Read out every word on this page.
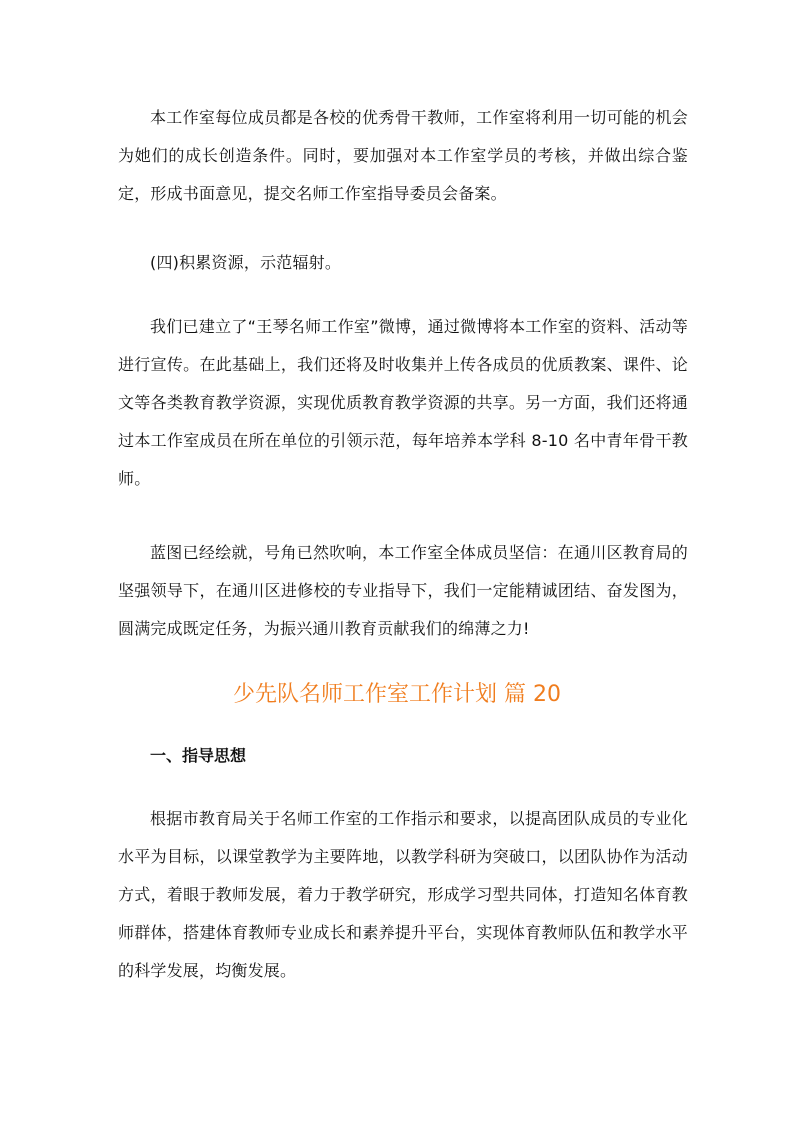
本工作室每位成员都是各校的优秀骨干教师，工作室将利用一切可能的机会为她们的成长创造条件。同时，要加强对本工作室学员的考核，并做出综合鉴定，形成书面意见，提交名师工作室指导委员会备案。

(四)积累资源，示范辐射。

我们已建立了“王琴名师工作室”微博，通过微博将本工作室的资料、活动等进行宣传。在此基础上，我们还将及时收集并上传各成员的优质教案、课件、论文等各类教育教学资源，实现优质教育教学资源的共享。另一方面，我们还将通过本工作室成员在所在单位的引领示范，每年培养本学科 8-10 名中青年骨干教师。

蓝图已经绘就，号角已然吹响，本工作室全体成员坚信：在通川区教育局的坚强领导下，在通川区进修校的专业指导下，我们一定能精诚团结、奋发图为，圆满完成既定任务，为振兴通川教育贡献我们的绵薄之力!

少先队名师工作室工作计划 篇 20
一、指导思想

根据市教育局关于名师工作室的工作指示和要求，以提高团队成员的专业化水平为目标，以课堂教学为主要阵地，以教学科研为突破口，以团队协作为活动方式，着眼于教师发展，着力于教学研究，形成学习型共同体，打造知名体育教师群体，搭建体育教师专业成长和素养提升平台，实现体育教师队伍和教学水平的科学发展，均衡发展。
